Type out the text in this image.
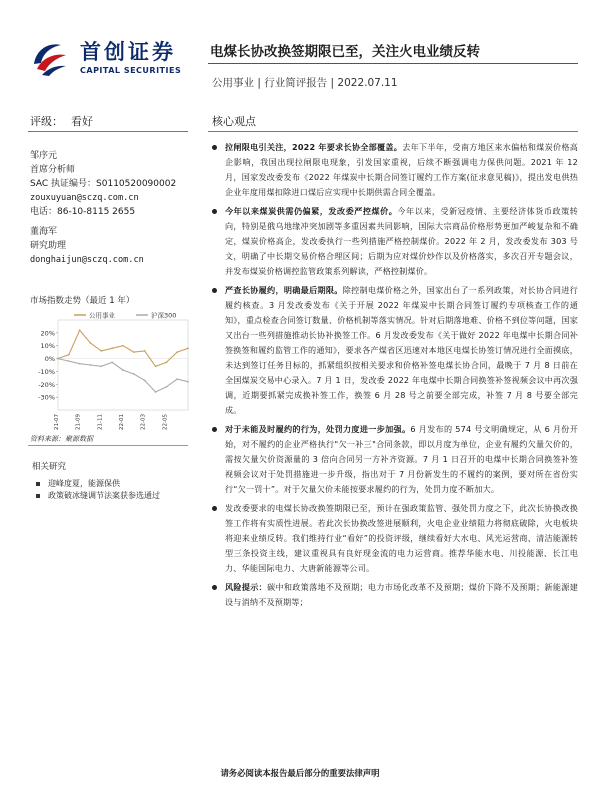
首创证券
CAPITAL SECURITIES
电煤长协改换签期限已至，关注火电业绩反转
公用事业 | 行业简评报告 | 2022.07.11
评级： 看好	核心观点
邹序元
首席分析师
SAC 执证编号：S0110520090002
zouxuyuan@sczq.com.cn
电话：86-10-8115 2655
董海军
研究助理
donghaijun@sczq.com.cn
市场指数走势（最近 1 年）
20%
10%
0%
-10%
-20%
-30%
21-07	21-09	21-11	22-01	22-03	22-05
公用事业	沪深300
资料来源：聚源数据
相关研究
迎峰度夏，能源保供
政策破冰缝调节法案获参选通过
拉闸限电引关注，2022 年要求长协全部覆盖。去年下半年，受南方地区来水偏枯和煤炭价格高企影响，我国出现拉闸限电现象，引发国家重视，后续不断强调电力保供问题。2021 年 12 月，国家发改委发布《2022 年煤炭中长期合同签订履约工作方案(征求意见稿)》，提出发电供热企业年度用煤扣除进口煤后应实现中长期供需合同全覆盖。
今年以来煤炭供需仍偏紧，发改委严控煤价。今年以来，受新冠疫情、主要经济体货币政策转向，特别是俄乌地缘冲突加剧等多重因素共同影响，国际大宗商品价格形势更加严峻复杂和不确定，煤炭价格高企，发改委执行一些列措施严格控制煤价。2022 年 2 月，发改委发布 303 号文，明确了中长期交易价格合理区间；后期为应对煤价炒作以及价格落实，多次召开专题会议，并发布煤炭价格调控监管政策系列解读，严格控制煤价。
严查长协履约，明确最后期限。除控制电煤价格之外，国家出台了一系列政策，对长协合同进行履约核查。3 月发改委发布《关于开展 2022 年煤炭中长期合同签订履约专项核查工作的通知》，重点检查合同签订数量、价格机制等落实情况。针对后期落地难、价格不到位等问题，国家又出台一些列措施推动长协补换签工作。6 月发改委发布《关于做好 2022 年电煤中长期合同补签换签和履约监管工作的通知》，要求各产煤省区迅速对本地区电煤长协签订情况进行全面摸底，未达到签订任务目标的，抓紧组织按相关要求和价格补签电煤长协合同，最晚于 7 月 8 日前在全国煤炭交易中心录入。7 月 1 日，发改委 2022 年电煤中长期合同换签补签视频会议中再次强调，近期要抓紧完成换补签工作，换签 6 月 28 号之前要全部完成，补签 7 月 8 号要全部完成。
对于未能及时履约的行为，处罚力度进一步加强。6 月发布的 574 号文明确规定，从 6 月份开始，对不履约的企业严格执行"欠一补三"合同条款，即以月度为单位，企业有履约欠量欠价的，需按欠量欠价资源量的 3 倍向合同另一方补齐资源。7 月 1 日召开的电煤中长期合同换签补签视频会议对于处罚措施进一步升级，指出对于 7 月份新发生的不履约的案例，要对所在省份实行“欠一罚十”。对于欠量欠价未能按要求履约的行为，处罚力度不断加大。
发改委要求的电煤长协改换签期限已至，预计在强政策监管、强处罚力度之下，此次长协换改换签工作将有实质性进展。若此次长协换改签进展顺利，火电企业业绩阻力将彻底破除，火电板块将迎来业绩反转。我们维持行业“看好”的投资评级，继续看好大水电、风光运营商、清洁能源转型三条投资主线，建议重视具有良好现金流的电力运营商。推荐华能水电、川投能源、长江电力、华能国际电力、大唐新能源等公司。
风险提示：碳中和政策落地不及预期；电力市场化改革不及预期；煤价下降不及预期；新能源建设与消纳不及预期等；
请务必阅读本报告最后部分的重要法律声明
